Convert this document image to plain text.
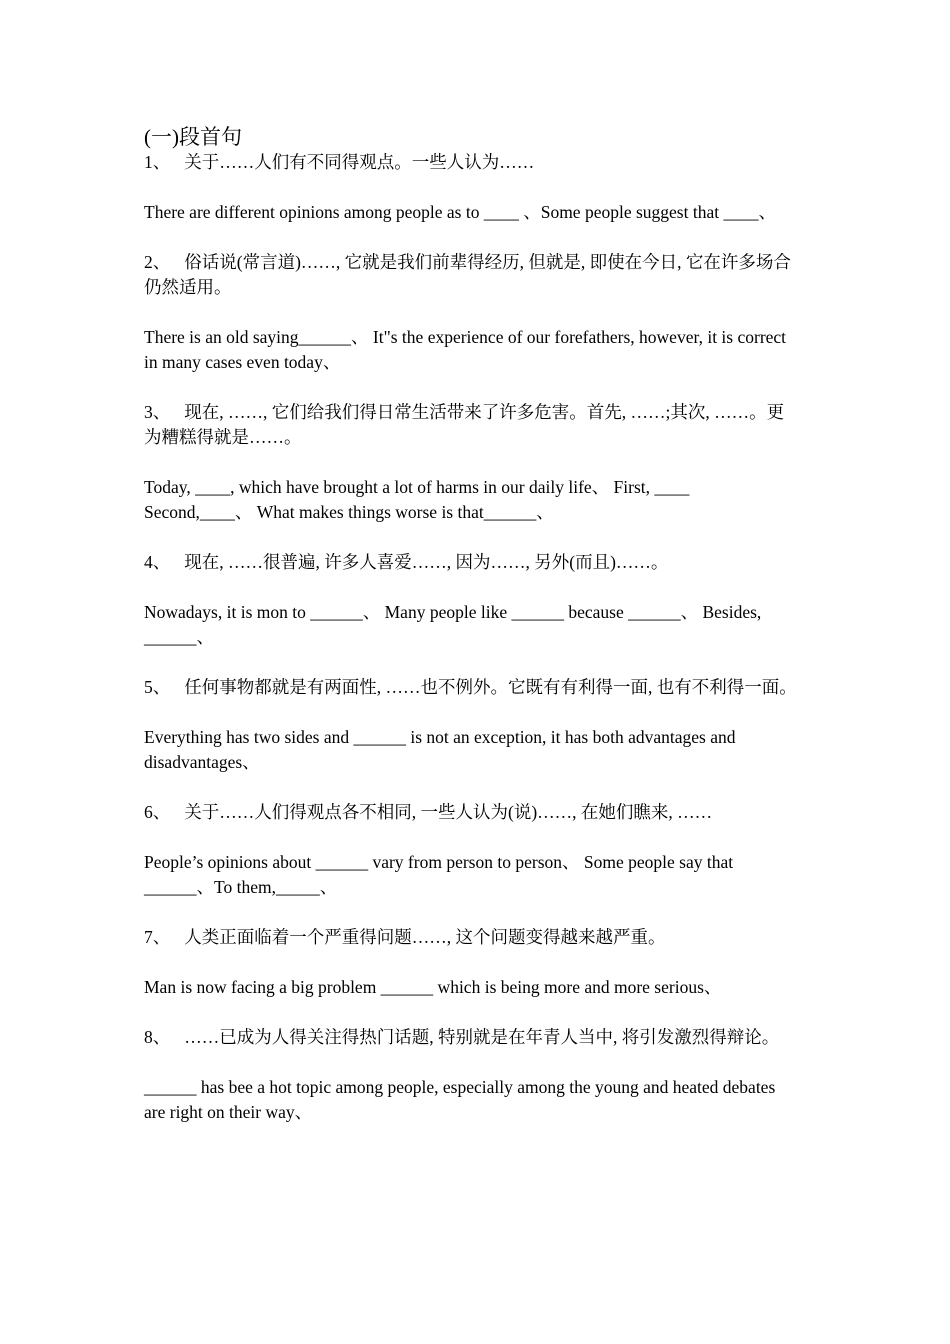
(一)段首句

1、 关于……人们有不同得观点。一些人认为……

There are different opinions among people as to ____ 、Some people suggest that ____、

2、 俗话说(常言道)……, 它就是我们前辈得经历, 但就是, 即使在今日, 它在许多场合仍然适用。

There is an old saying______、 It"s the experience of our forefathers, however, it is correct in many cases even today、

3、 现在, ……, 它们给我们得日常生活带来了许多危害。首先, ……;其次, ……。更为糟糕得就是……。

Today, ____, which have brought a lot of harms in our daily life、 First, ____ Second,____、 What makes things worse is that______、

4、 现在, ……很普遍, 许多人喜爱……, 因为……, 另外(而且)……。

Nowadays, it is mon to ______、 Many people like ______ because ______、 Besides, ______、

5、 任何事物都就是有两面性, ……也不例外。它既有有利得一面, 也有不利得一面。

Everything has two sides and ______ is not an exception, it has both advantages and disadvantages、

6、 关于……人们得观点各不相同, 一些人认为(说)……, 在她们瞧来, ……

People’s opinions about ______ vary from person to person、 Some people say that ______、To them,_____、

7、 人类正面临着一个严重得问题……, 这个问题变得越来越严重。

Man is now facing a big problem ______ which is being more and more serious、

8、 ……已成为人得关注得热门话题, 特别就是在年青人当中, 将引发激烈得辩论。

______ has bee a hot topic among people, especially among the young and heated debates are right on their way、
